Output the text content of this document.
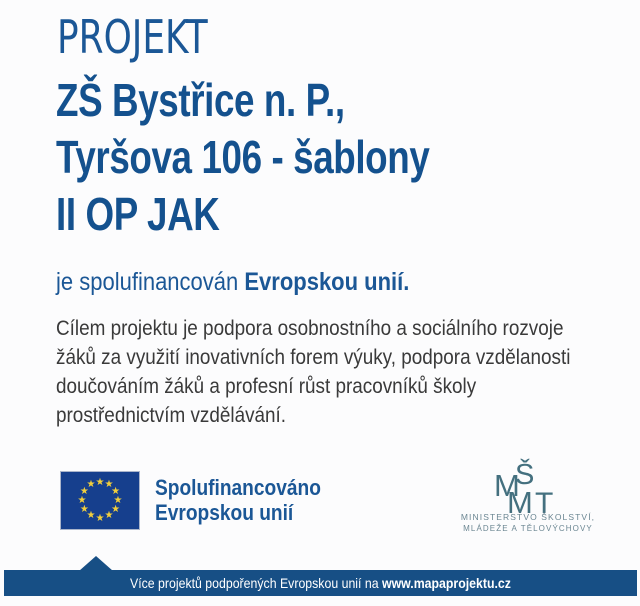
PROJEKT
ZŠ Bystřice n. P.,
Tyršova 106 - šablony
II OP JAK
je spolufinancován Evropskou unií.
Cílem projektu je podpora osobnostního a sociálního rozvoje
žáků za využití inovativních forem výuky, podpora vzdělanosti
doučováním žáků a profesní růst pracovníků školy
prostřednictvím vzdělávání.
★ ★
★
★
★
★
★
★
★
★
★
★	Spolufinancováno
Evropskou unií
M
Š
M T
MINISTERSTVO ŠKOLSTVÍ,
MLÁDEŽE A TĚLOVÝCHOVY
Více projektů podpořených Evropskou unií na www.mapaprojektu.cz
